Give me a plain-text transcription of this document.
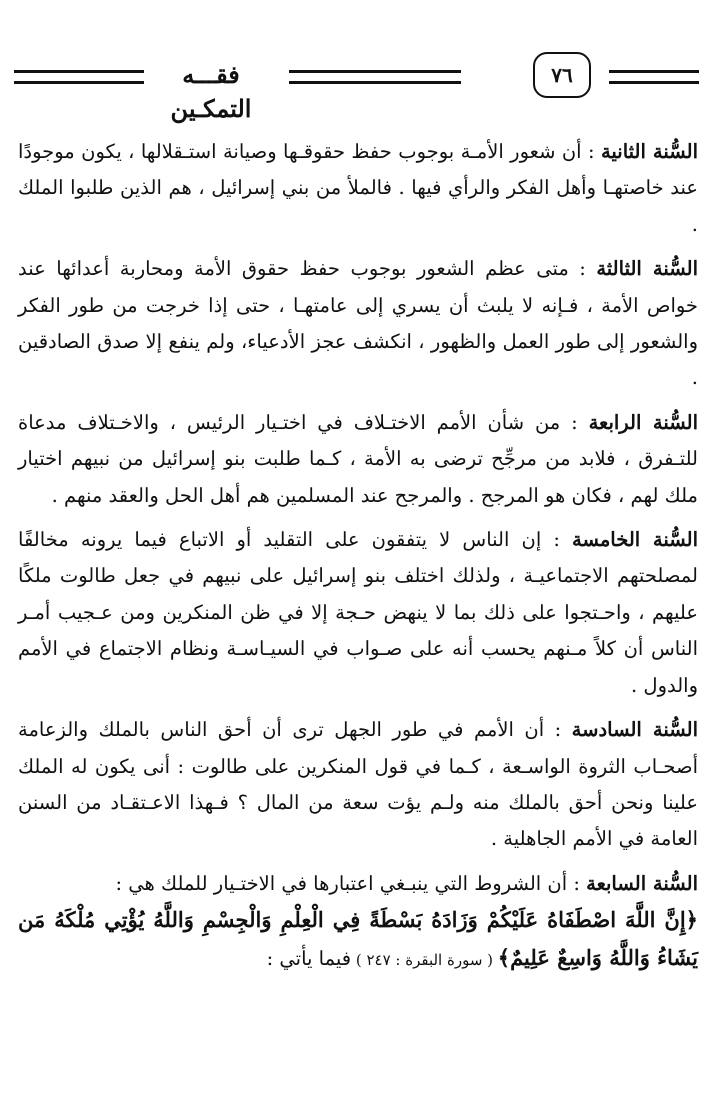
٧٦
فقـــه التمكـين

السُّنة الثانية : أن شعور الأمـة بوجوب حفظ حقوقـها وصيانة استـقلالها ، يكون موجودًا عند خاصتهـا وأهل الفكر والرأي فيها . فالملأ من بني إسرائيل ، هم الذين طلبوا الملك .

السُّنة الثالثة : متى عظم الشعور بوجوب حفظ حقوق الأمة ومحاربة أعدائها عند خواص الأمة ، فـإنه لا يلبث أن يسري إلى عامتهـا ، حتى إذا خرجت من طور الفكر والشعور إلى طور العمل والظهور ، انكشف عجز الأدعياء، ولم ينفع إلا صدق الصادقين .

السُّنة الرابعة : من شأن الأمم الاختـلاف في اختـيار الرئيس ، والاخـتلاف مدعاة للتـفرق ، فلابد من مرجِّح ترضى به الأمة ، كـما طلبت بنو إسرائيل من نبيهم اختيار ملك لهم ، فكان هو المرجح . والمرجح عند المسلمين هم أهل الحل والعقد منهم .

السُّنة الخامسة : إن الناس لا يتفقون على التقليد أو الاتباع فيما يرونه مخالفًا لمصلحتهم الاجتماعيـة ، ولذلك اختلف بنو إسرائيل على نبيهم في جعل طالوت ملكًا عليهم ، واحـتجوا على ذلك بما لا ينهض حـجة إلا في ظن المنكرين ومن عـجيب أمـر الناس أن كلاً مـنهم يحسب أنه على صـواب في السيـاسـة ونظام الاجتماع في الأمم والدول .

السُّنة السادسة : أن الأمم في طور الجهل ترى أن أحق الناس بالملك والزعامة أصحـاب الثروة الواسـعة ، كـما في قول المنكرين على طالوت : أنى يكون له الملك علينا ونحن أحق بالملك منه ولـم يؤت سعة من المال ؟ فـهذا الاعـتقـاد من السنن العامة في الأمم الجاهلية .

السُّنة السابعة : أن الشروط التي ينبـغي اعتبارها في الاختـيار للملك هي :
﴿إِنَّ اللَّهَ اصْطَفَاهُ عَلَيْكُمْ وَزَادَهُ بَسْطَةً فِي الْعِلْمِ وَالْجِسْمِ وَاللَّهُ يُؤْتِي مُلْكَهُ مَن يَشَاءُ وَاللَّهُ وَاسِعٌ عَلِيمٌ﴾ ( سورة البقرة : ٢٤٧ ) فيما يأتي :
